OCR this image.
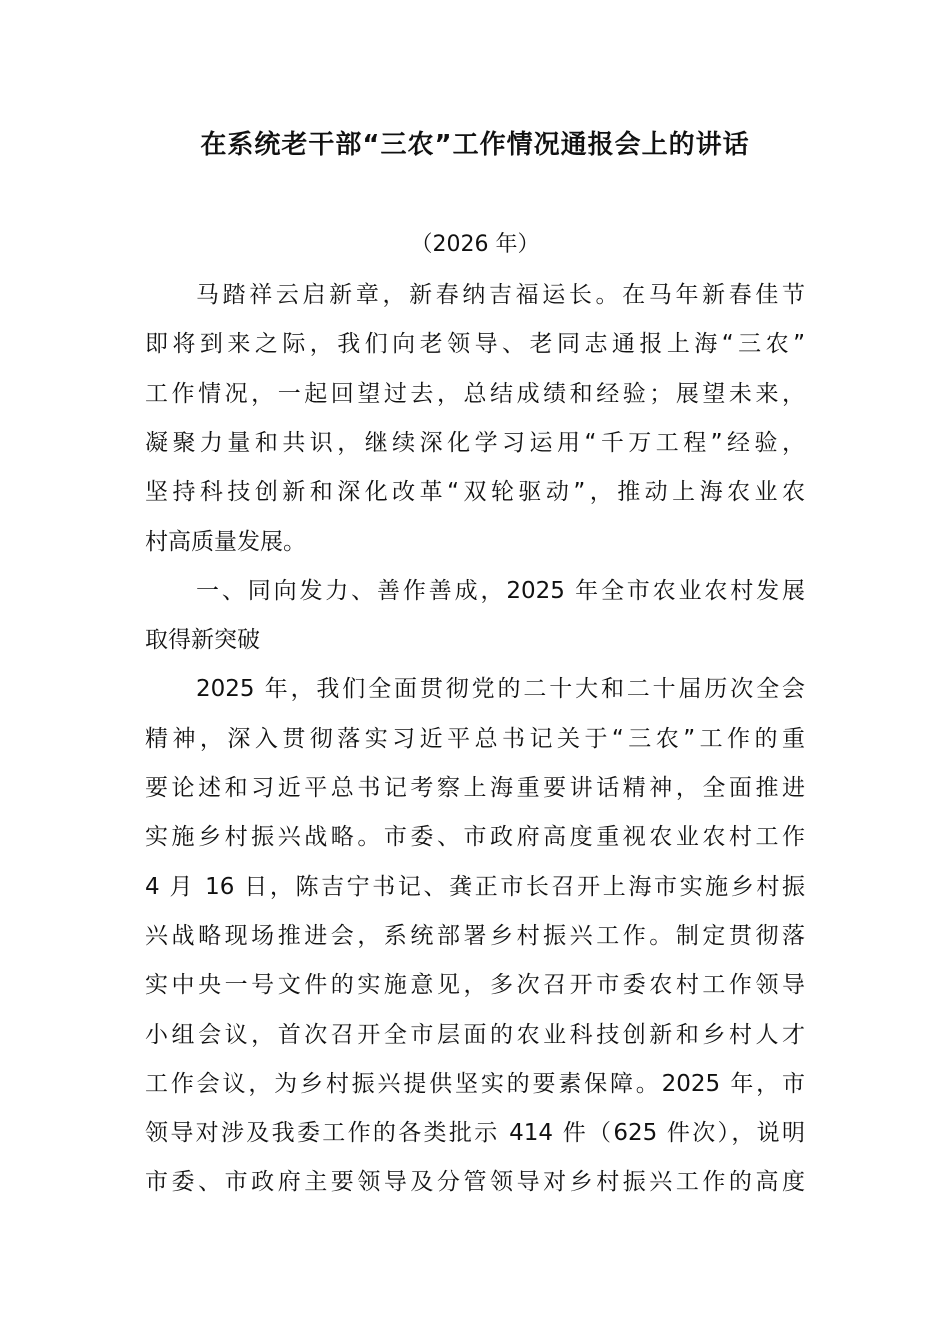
在系统老干部“三农”工作情况通报会上的讲话
（2026 年）
马踏祥云启新章，新春纳吉福运长。在马年新春佳节
即将到来之际，我们向老领导、老同志通报上海“三农”
工作情况，一起回望过去，总结成绩和经验；展望未来，
凝聚力量和共识，继续深化学习运用“千万工程”经验，
坚持科技创新和深化改革“双轮驱动”，推动上海农业农
村高质量发展。
一、同向发力、善作善成，2025 年全市农业农村发展
取得新突破
2025 年，我们全面贯彻党的二十大和二十届历次全会
精神，深入贯彻落实习近平总书记关于“三农”工作的重
要论述和习近平总书记考察上海重要讲话精神，全面推进
实施乡村振兴战略。市委、市政府高度重视农业农村工作
4 月 16 日，陈吉宁书记、龚正市长召开上海市实施乡村振
兴战略现场推进会，系统部署乡村振兴工作。制定贯彻落
实中央一号文件的实施意见，多次召开市委农村工作领导
小组会议，首次召开全市层面的农业科技创新和乡村人才
工作会议，为乡村振兴提供坚实的要素保障。2025 年，市
领导对涉及我委工作的各类批示 414 件（625 件次），说明
市委、市政府主要领导及分管领导对乡村振兴工作的高度
